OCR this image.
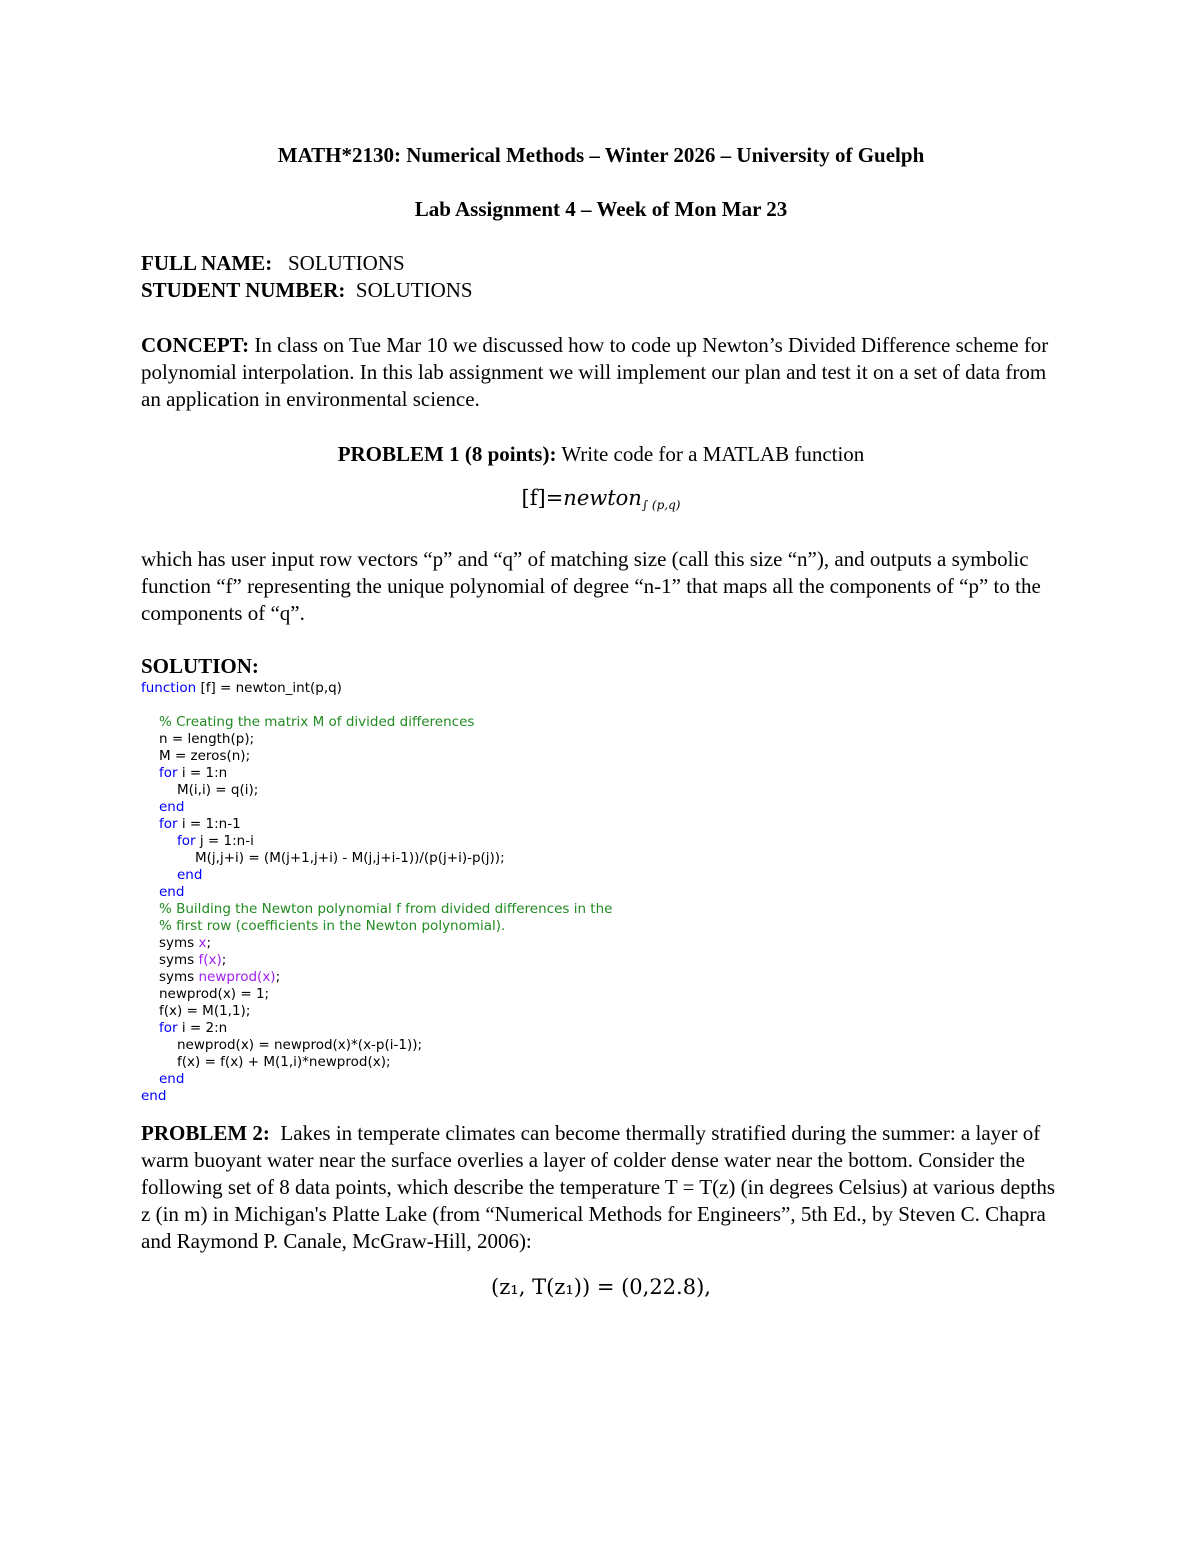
MATH*2130: Numerical Methods – Winter 2026 – University of Guelph

Lab Assignment 4 – Week of Mon Mar 23

FULL NAME: SOLUTIONS

STUDENT NUMBER: SOLUTIONS

CONCEPT: In class on Tue Mar 10 we discussed how to code up Newton’s Divided Difference scheme for polynomial interpolation. In this lab assignment we will implement our plan and test it on a set of data from an application in environmental science.

PROBLEM 1 (8 points): Write code for a MATLAB function

[f]=newton$_{\int (p,q)}$

which has user input row vectors “p” and “q” of matching size (call this size “n”), and outputs a symbolic function “f” representing the unique polynomial of degree “n-1” that maps all the components of “p” to the components of “q”.

SOLUTION:

function [f] = newton_int(p,q)

% Creating the matrix M of divided differences
n = length(p);
M = zeros(n);
for i = 1:n
M(i,i) = q(i);
end
for i = 1:n-1
for j = 1:n-i
M(j,j+i) = (M(j+1,j+i) - M(j,j+i-1))/(p(j+i)-p(j));
end
end
% Building the Newton polynomial f from divided differences in the
% first row (coefficients in the Newton polynomial).
syms x;
syms f(x);
syms newprod(x);
newprod(x) = 1;
f(x) = M(1,1);
for i = 2:n
newprod(x) = newprod(x)*(x-p(i-1));
f(x) = f(x) + M(1,i)*newprod(x);
end
end

PROBLEM 2: Lakes in temperate climates can become thermally stratified during the summer: a layer of warm buoyant water near the surface overlies a layer of colder dense water near the bottom. Consider the following set of 8 data points, which describe the temperature T = T(z) (in degrees Celsius) at various depths z (in m) in Michigan's Platte Lake (from “Numerical Methods for Engineers”, 5th Ed., by Steven C. Chapra and Raymond P. Canale, McGraw-Hill, 2006):

(z₁, T(z₁)) = (0,22.8),
